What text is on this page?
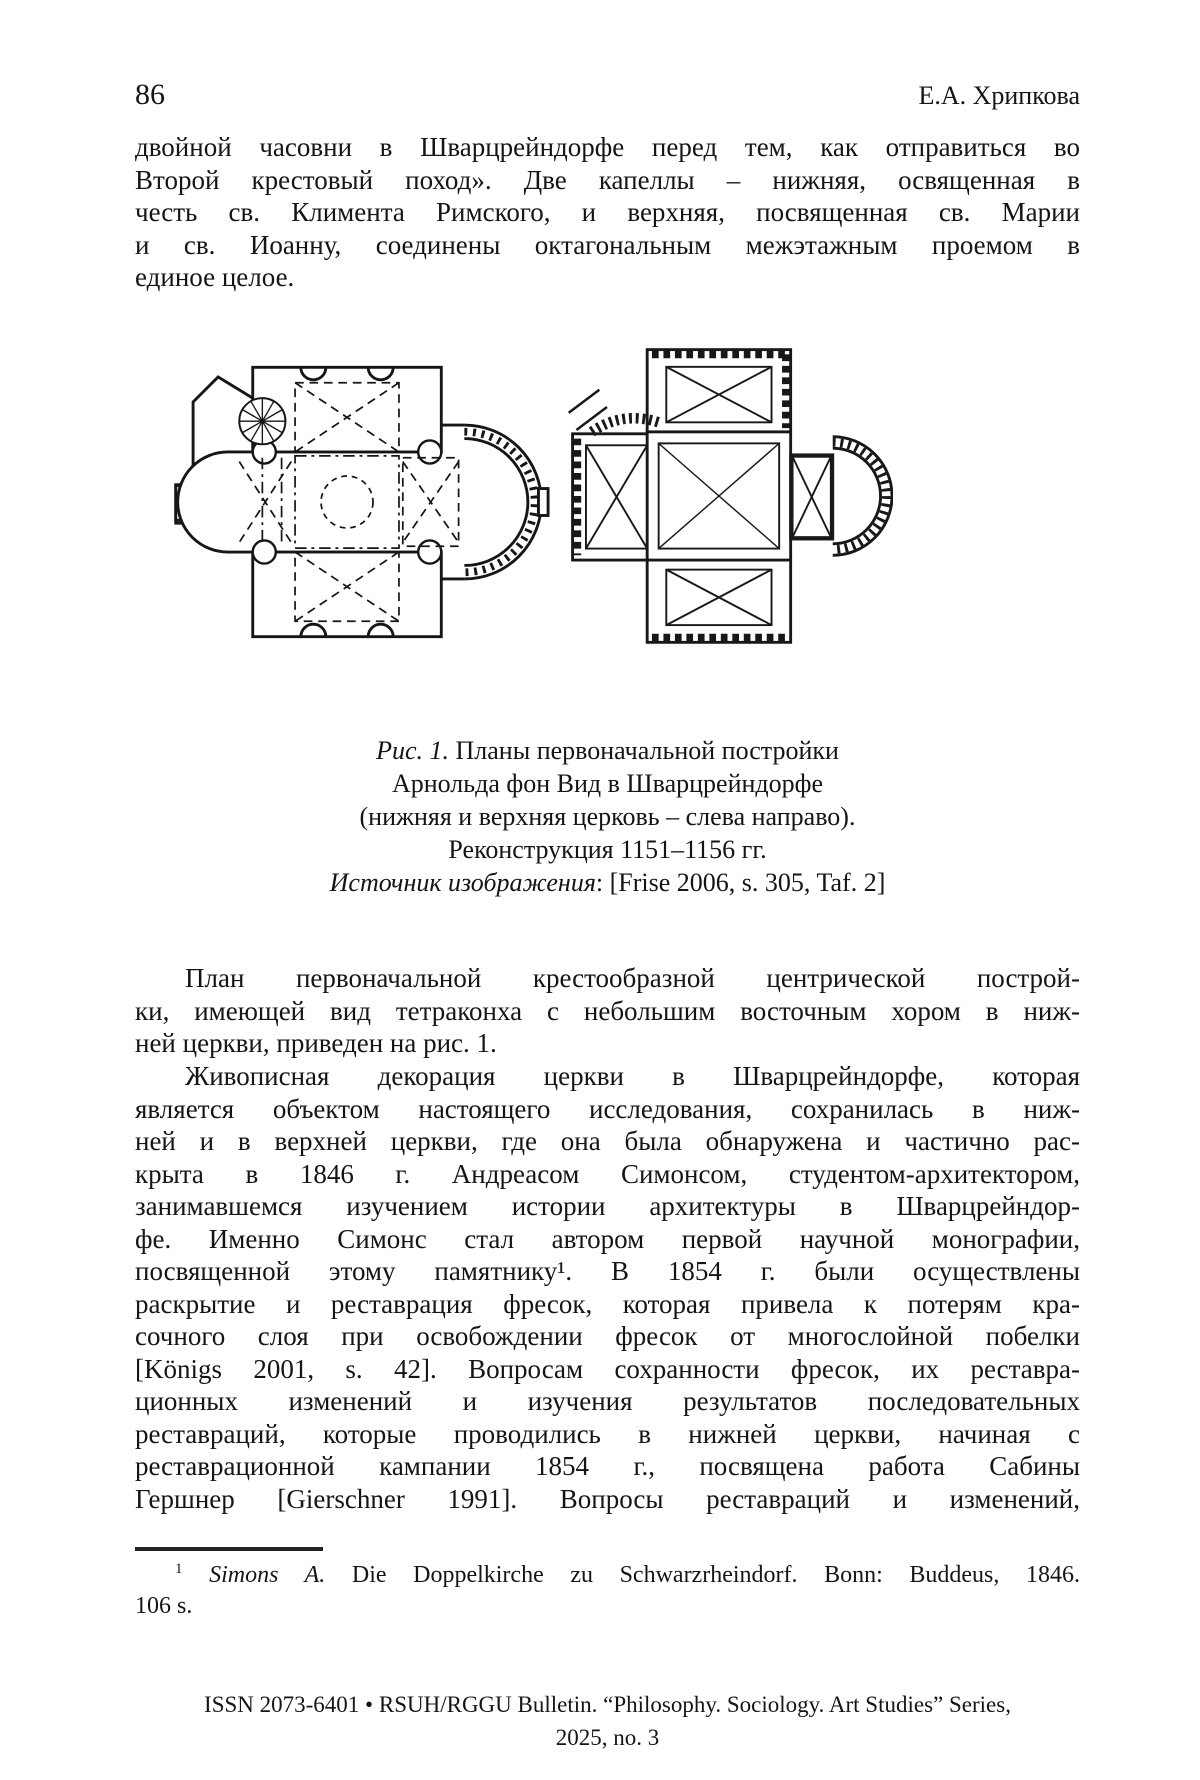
86	Е.А. Хрипкова
двойной часовни в Шварцрейндорфе перед тем, как отправиться во
Второй крестовый поход». Две капеллы – нижняя, освященная в
честь св. Климента Римского, и верхняя, посвященная св. Марии
и св. Иоанну, соединены октагональным межэтажным проемом в
единое целое.
Рис. 1. Планы первоначальной постройки
Арнольда фон Вид в Шварцрейндорфе
(нижняя и верхняя церковь – слева направо).
Реконструкция 1151–1156 гг.
Источник изображения: [Frise 2006, s. 305, Taf. 2]
План первоначальной крестообразной центрической построй-
ки, имеющей вид тетраконха с небольшим восточным хором в ниж-
ней церкви, приведен на рис. 1.
Живописная декорация церкви в Шварцрейндорфе, которая
является объектом настоящего исследования, сохранилась в ниж-
ней и в верхней церкви, где она была обнаружена и частично рас-
крыта в 1846 г. Андреасом Симонсом, студентом-архитектором,
занимавшемся изучением истории архитектуры в Шварцрейндор-
фе. Именно Симонс стал автором первой научной монографии,
посвященной этому памятнику¹. В 1854 г. были осуществлены
раскрытие и реставрация фресок, которая привела к потерям кра-
сочного слоя при освобождении фресок от многослойной побелки
[Königs 2001, s. 42]. Вопросам сохранности фресок, их реставра-
ционных изменений и изучения результатов последовательных
реставраций, которые проводились в нижней церкви, начиная с
реставрационной кампании 1854 г., посвящена работа Сабины
Гершнер [Gierschner 1991]. Вопросы реставраций и изменений,
$^1$ Simons A. Die Doppelkirche zu Schwarzrheindorf. Bonn: Buddeus, 1846.
106 s.
ISSN 2073-6401 • RSUH/RGGU Bulletin. “Philosophy. Sociology. Art Studies” Series,
2025, no. 3
